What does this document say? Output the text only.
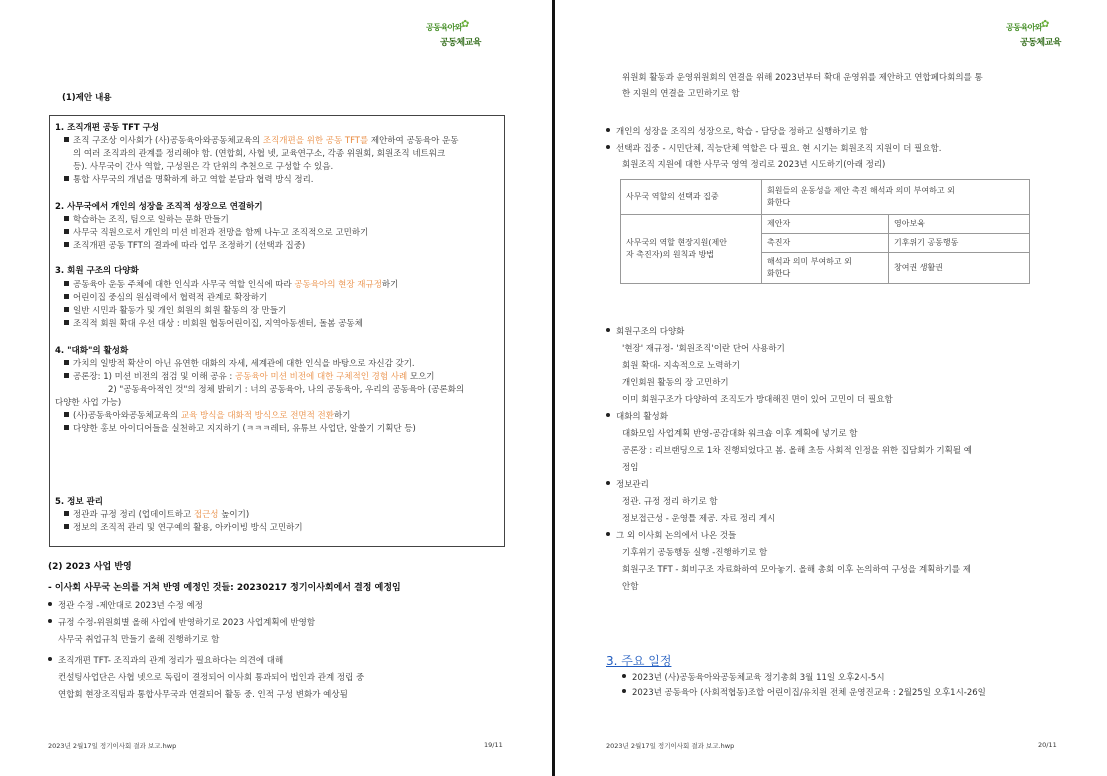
공동육아와
✿
공동체교육
(1)제안 내용
1. 조직개편 공동 TFT 구성
조직 구조상 이사회가 (사)공동육아와공동체교육의 조직개편을 위한 공동 TFT를 제안하여 공동육아 운동
의 여러 조직과의 관계를 정리해야 함. (연합회, 사협 넷, 교육연구소, 각종 위원회, 회원조직 네트워크
등). 사무국이 간사 역할, 구성원은 각 단위의 추천으로 구성할 수 있음.
통합 사무국의 개념을 명확하게 하고 역할 분담과 협력 방식 정리.
2. 사무국에서 개인의 성장을 조직적 성장으로 연결하기
학습하는 조직, 팀으로 일하는 문화 만들기
사무국 직원으로서 개인의 미션 비전과 전망을 함께 나누고 조직적으로 고민하기
조직개편 공동 TFT의 결과에 따라 업무 조정하기 (선택과 집중)
3. 회원 구조의 다양화
공동육아 운동 주체에 대한 인식과 사무국 역할 인식에 따라 공동육아의 현장 재규정하기
어린이집 중심의 원심력에서 협력적 관계로 확장하기
일반 시민과 활동가 및 개인 회원의 회원 활동의 장 만들기
조직적 회원 확대 우선 대상 : 비회원 협동어린이집, 지역아동센터, 돌봄 공동체
4. "대화"의 활성화
가치의 일방적 확산이 아닌 유연한 대화의 자세, 세계관에 대한 인식을 바탕으로 자신감 갖기.
공론장: 1) 미션 비전의 점검 및 이해 공유 : 공동육아 미션 비전에 대한 구체적인 경험 사례 모으기
2) "공동육아적인 것"의 정체 밝히기 : 너의 공동육아, 나의 공동육아, 우리의 공동육아 (공론화의
다양한 사업 가능)
(사)공동육아와공동체교육의 교육 방식을 대화적 방식으로 전면적 전환하기
다양한 홍보 아이디어들을 실천하고 지지하기 (ㅋㅋㅋ레터, 유튜브 사업단, 알쓸기 기획단 등)
5. 정보 관리
정관과 규정 정리 (업데이트하고 접근성 높이기)
정보의 조직적 관리 및 연구예의 활용, 아카이빙 방식 고민하기
(2) 2023 사업 반영
- 이사회 사무국 논의를 거쳐 반영 예정인 것들: 20230217 정기이사회에서 결정 예정임
정관 수정 -제안대로 2023년 수정 예정
규정 수정-위원회별 올해 사업에 반영하기로 2023 사업계획에 반영함
사무국 취업규칙 만들기 올해 진행하기로 함
조직개편 TFT- 조직과의 관계 정리가 필요하다는 의견에 대해
컨설팅사업단은 사협 넷으로 독립이 결정되어 이사회 통과되어 법인과 관계 정립 중
연합회 현장조직팀과 통합사무국과 연결되어 활동 중. 인적 구성 변화가 예상됨
2023년 2월17일 정기이사회 결과 보고.hwp	19/11
공동육아와
✿
공동체교육
위원회 활동과 운영위원회의 연결을 위해 2023년부터 확대 운영위를 제안하고 연합페다회의를 통
한 지원의 연결을 고민하기로 함
개인의 성장을 조직의 성장으로, 학습 - 담당을 정하고 실행하기로 함
선택과 집중 - 시민단체, 직능단체 역할은 다 필요. 현 시기는 회원조직 지원이 더 필요함.
회원조직 지원에 대한 사무국 영역 정리로 2023년 시도하기(아래 정리)
사무국 역할의 선택과 집중	회원들의 운동성을 제안 촉진 해석과 의미 부여하고 외
화한다	

사무국의 역할 현장지원(제안
자 촉진자)의 원칙과 방법	제안자	영아보육
	촉진자	기후위기 공동행동

	해석과 의미 부여하고 외
화한다	창여권 생활권
회원구조의 다양화
'현장' 재규정- '회원조직'이란 단어 사용하기
회원 확대- 지속적으로 노력하기
개인회원 활동의 장 고민하기
이미 회원구조가 다양하여 조직도가 방대해진 면이 있어 고민이 더 필요함
대화의 활성화
대화모임 사업계획 반영-공감대화 워크숍 이후 계획에 넣기로 함
공론장 : 리브랜딩으로 1차 진행되었다고 봄. 올해 초등 사회적 인정을 위한 집담회가 기획될 예
정임
정보관리
정관. 규정 정리 하기로 함
정보접근성 - 운영틀 제공. 자료 정리 게시
그 외 이사회 논의에서 나온 것들
기후위기 공동행동 실행 -진행하기로 함
회원구조 TFT - 회비구조 자료화하여 모아놓기. 올해 총회 이후 논의하여 구성을 계획하기를 제
안함
3. 주요 일정
2023년 (사)공동육아와공동체교육 정기총회 3월 11일 오후2시-5시
2023년 공동육아 (사회적협동)조합 어린이집/유치원 전체 운영진교육 : 2월25일 오후1시-26일
2023년 2월17일 정기이사회 결과 보고.hwp	20/11
